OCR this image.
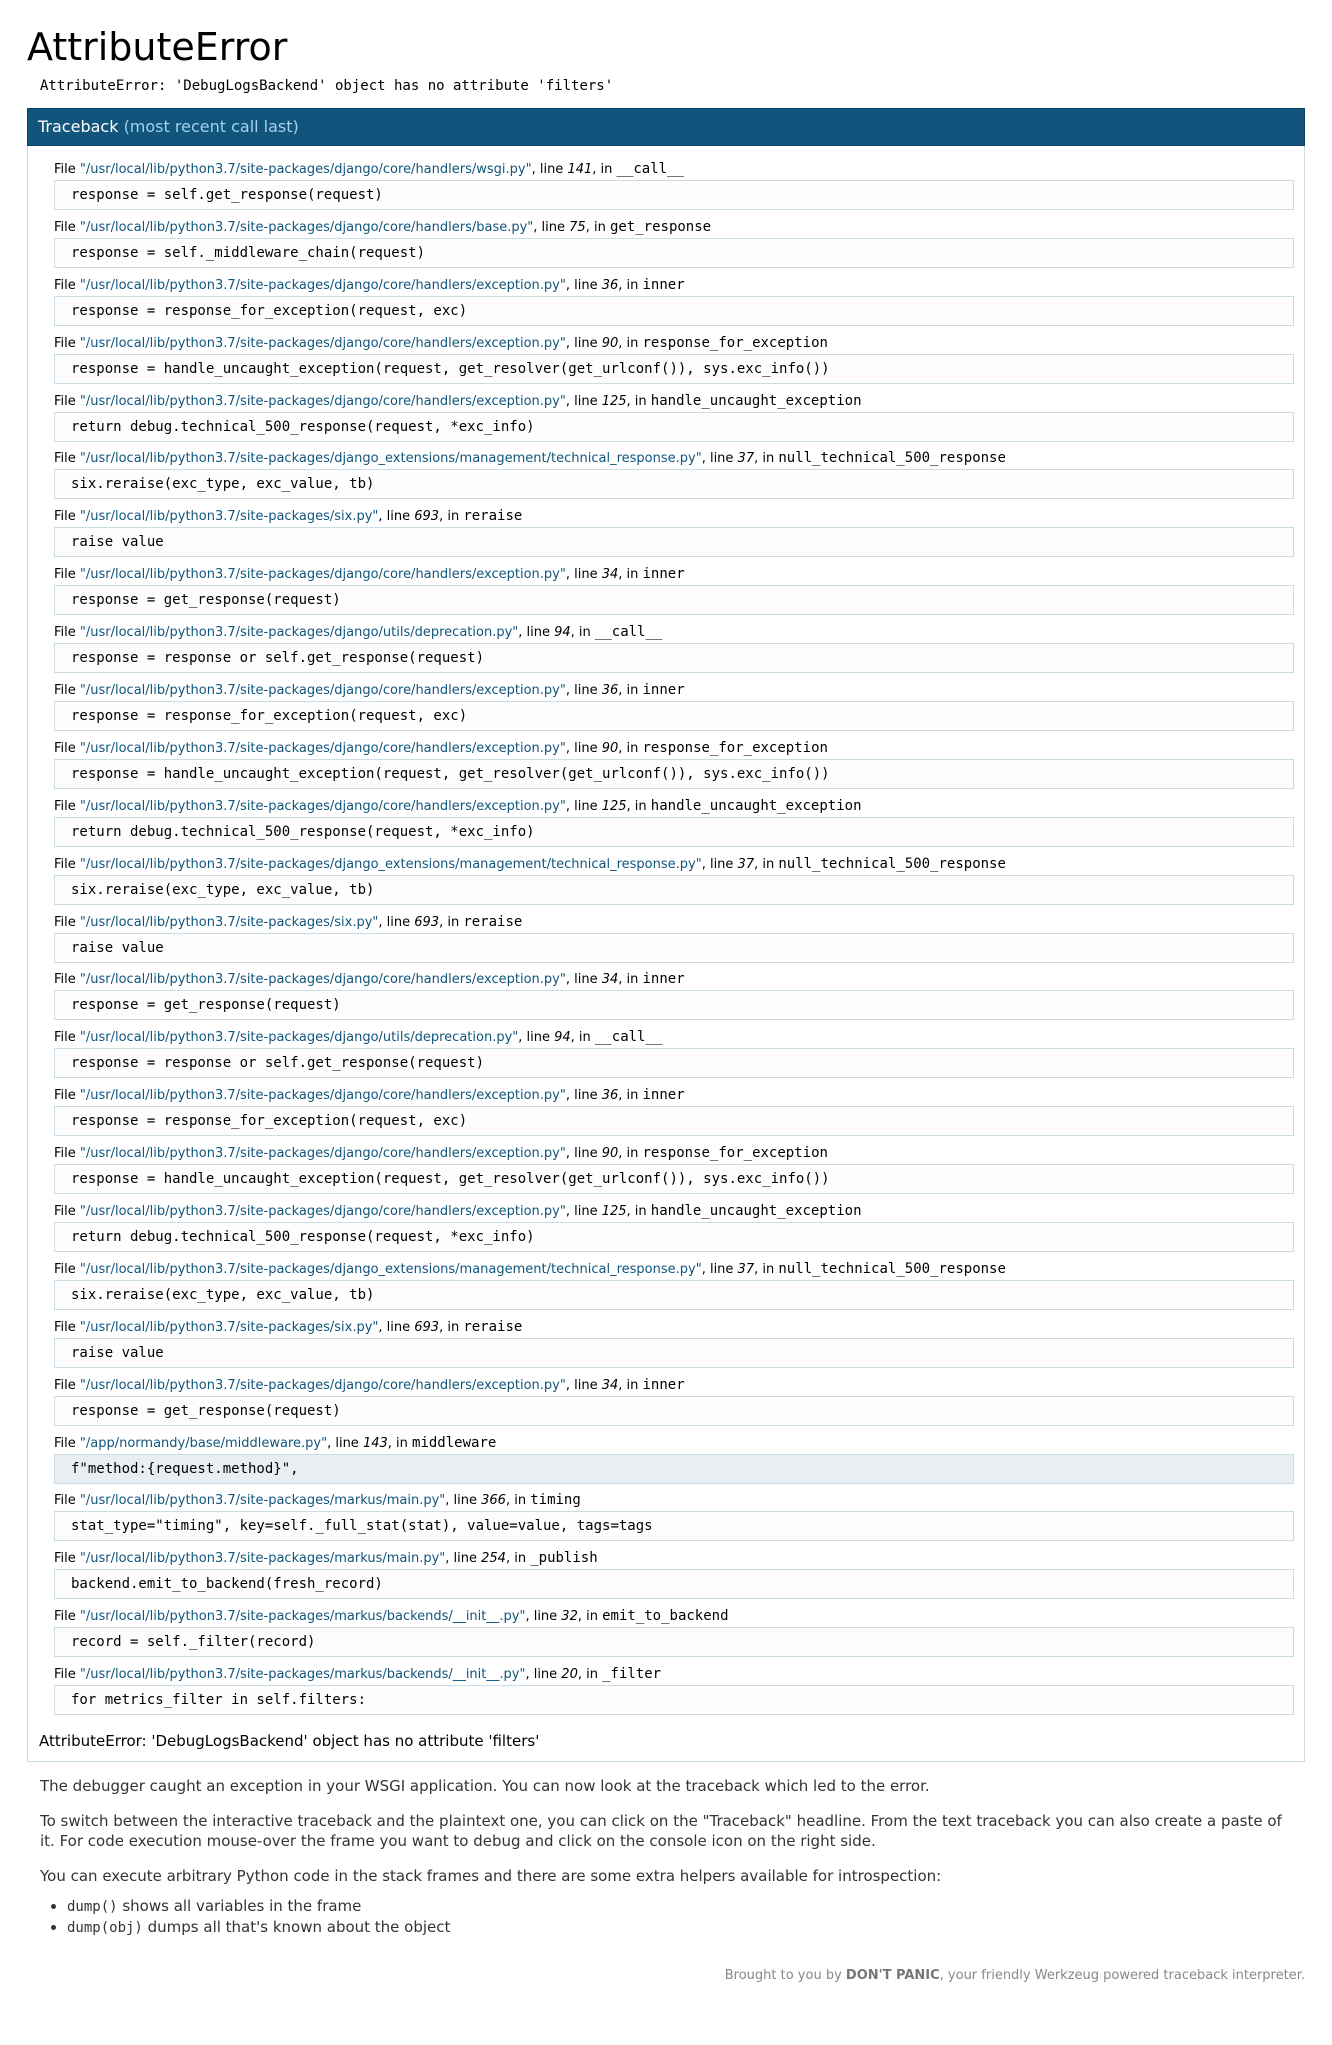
AttributeError
AttributeError: 'DebugLogsBackend' object has no attribute 'filters'
Traceback (most recent call last)
File "/usr/local/lib/python3.7/site-packages/django/core/handlers/wsgi.py", line 141, in __call__
response = self.get_response(request)
File "/usr/local/lib/python3.7/site-packages/django/core/handlers/base.py", line 75, in get_response
response = self._middleware_chain(request)
File "/usr/local/lib/python3.7/site-packages/django/core/handlers/exception.py", line 36, in inner
response = response_for_exception(request, exc)
File "/usr/local/lib/python3.7/site-packages/django/core/handlers/exception.py", line 90, in response_for_exception
response = handle_uncaught_exception(request, get_resolver(get_urlconf()), sys.exc_info())
File "/usr/local/lib/python3.7/site-packages/django/core/handlers/exception.py", line 125, in handle_uncaught_exception
return debug.technical_500_response(request, *exc_info)
File "/usr/local/lib/python3.7/site-packages/django_extensions/management/technical_response.py", line 37, in null_technical_500_response
six.reraise(exc_type, exc_value, tb)
File "/usr/local/lib/python3.7/site-packages/six.py", line 693, in reraise
raise value
File "/usr/local/lib/python3.7/site-packages/django/core/handlers/exception.py", line 34, in inner
response = get_response(request)
File "/usr/local/lib/python3.7/site-packages/django/utils/deprecation.py", line 94, in __call__
response = response or self.get_response(request)
File "/usr/local/lib/python3.7/site-packages/django/core/handlers/exception.py", line 36, in inner
response = response_for_exception(request, exc)
File "/usr/local/lib/python3.7/site-packages/django/core/handlers/exception.py", line 90, in response_for_exception
response = handle_uncaught_exception(request, get_resolver(get_urlconf()), sys.exc_info())
File "/usr/local/lib/python3.7/site-packages/django/core/handlers/exception.py", line 125, in handle_uncaught_exception
return debug.technical_500_response(request, *exc_info)
File "/usr/local/lib/python3.7/site-packages/django_extensions/management/technical_response.py", line 37, in null_technical_500_response
six.reraise(exc_type, exc_value, tb)
File "/usr/local/lib/python3.7/site-packages/six.py", line 693, in reraise
raise value
File "/usr/local/lib/python3.7/site-packages/django/core/handlers/exception.py", line 34, in inner
response = get_response(request)
File "/usr/local/lib/python3.7/site-packages/django/utils/deprecation.py", line 94, in __call__
response = response or self.get_response(request)
File "/usr/local/lib/python3.7/site-packages/django/core/handlers/exception.py", line 36, in inner
response = response_for_exception(request, exc)
File "/usr/local/lib/python3.7/site-packages/django/core/handlers/exception.py", line 90, in response_for_exception
response = handle_uncaught_exception(request, get_resolver(get_urlconf()), sys.exc_info())
File "/usr/local/lib/python3.7/site-packages/django/core/handlers/exception.py", line 125, in handle_uncaught_exception
return debug.technical_500_response(request, *exc_info)
File "/usr/local/lib/python3.7/site-packages/django_extensions/management/technical_response.py", line 37, in null_technical_500_response
six.reraise(exc_type, exc_value, tb)
File "/usr/local/lib/python3.7/site-packages/six.py", line 693, in reraise
raise value
File "/usr/local/lib/python3.7/site-packages/django/core/handlers/exception.py", line 34, in inner
response = get_response(request)
File "/app/normandy/base/middleware.py", line 143, in middleware
f"method:{request.method}",
File "/usr/local/lib/python3.7/site-packages/markus/main.py", line 366, in timing
stat_type="timing", key=self._full_stat(stat), value=value, tags=tags
File "/usr/local/lib/python3.7/site-packages/markus/main.py", line 254, in _publish
backend.emit_to_backend(fresh_record)
File "/usr/local/lib/python3.7/site-packages/markus/backends/__init__.py", line 32, in emit_to_backend
record = self._filter(record)
File "/usr/local/lib/python3.7/site-packages/markus/backends/__init__.py", line 20, in _filter
for metrics_filter in self.filters:
AttributeError: 'DebugLogsBackend' object has no attribute 'filters'

The debugger caught an exception in your WSGI application. You can now look at the traceback which led to the error.

To switch between the interactive traceback and the plaintext one, you can click on the "Traceback" headline. From the text traceback you can also create a paste of it. For code execution mouse-over the frame you want to debug and click on the console icon on the right side.

You can execute arbitrary Python code in the stack frames and there are some extra helpers available for introspection:

• dump() shows all variables in the frame
• dump(obj) dumps all that's known about the object
Brought to you by DON'T PANIC, your friendly Werkzeug powered traceback interpreter.
